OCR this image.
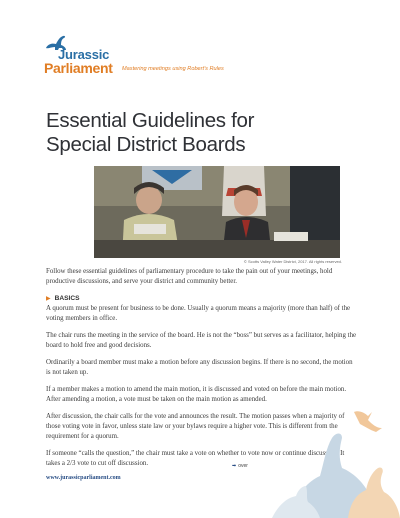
Jurassic
Parliament Mastering meetings using Robert's Rules
Essential Guidelines for
Special District Boards
© Scotts Valley Water District, 2017. All rights reserved.

Follow these essential guidelines of parliamentary procedure to take the pain out of your meetings, hold productive discussions, and serve your district and community better.

▶ BASICS

A quorum must be present for business to be done. Usually a quorum means a majority (more than half) of the voting members in office.

The chair runs the meeting in the service of the board. He is not the “boss” but serves as a facilitator, helping the board to hold free and good decisions.

Ordinarily a board member must make a motion before any discussion begins. If there is no second, the motion is not taken up.

If a member makes a motion to amend the main motion, it is discussed and voted on before the main motion. After amending a motion, a vote must be taken on the main motion as amended.

After discussion, the chair calls for the vote and announces the result. The motion passes when a majority of those voting vote in favor, unless state law or your bylaws require a higher vote. This is different from the requirement for a quorum.

If someone “calls the question,” the chair must take a vote on whether to vote now or continue discussion. It takes a 2/3 vote to cut off discussion.	➡ over
www.jurassicparliament.com
